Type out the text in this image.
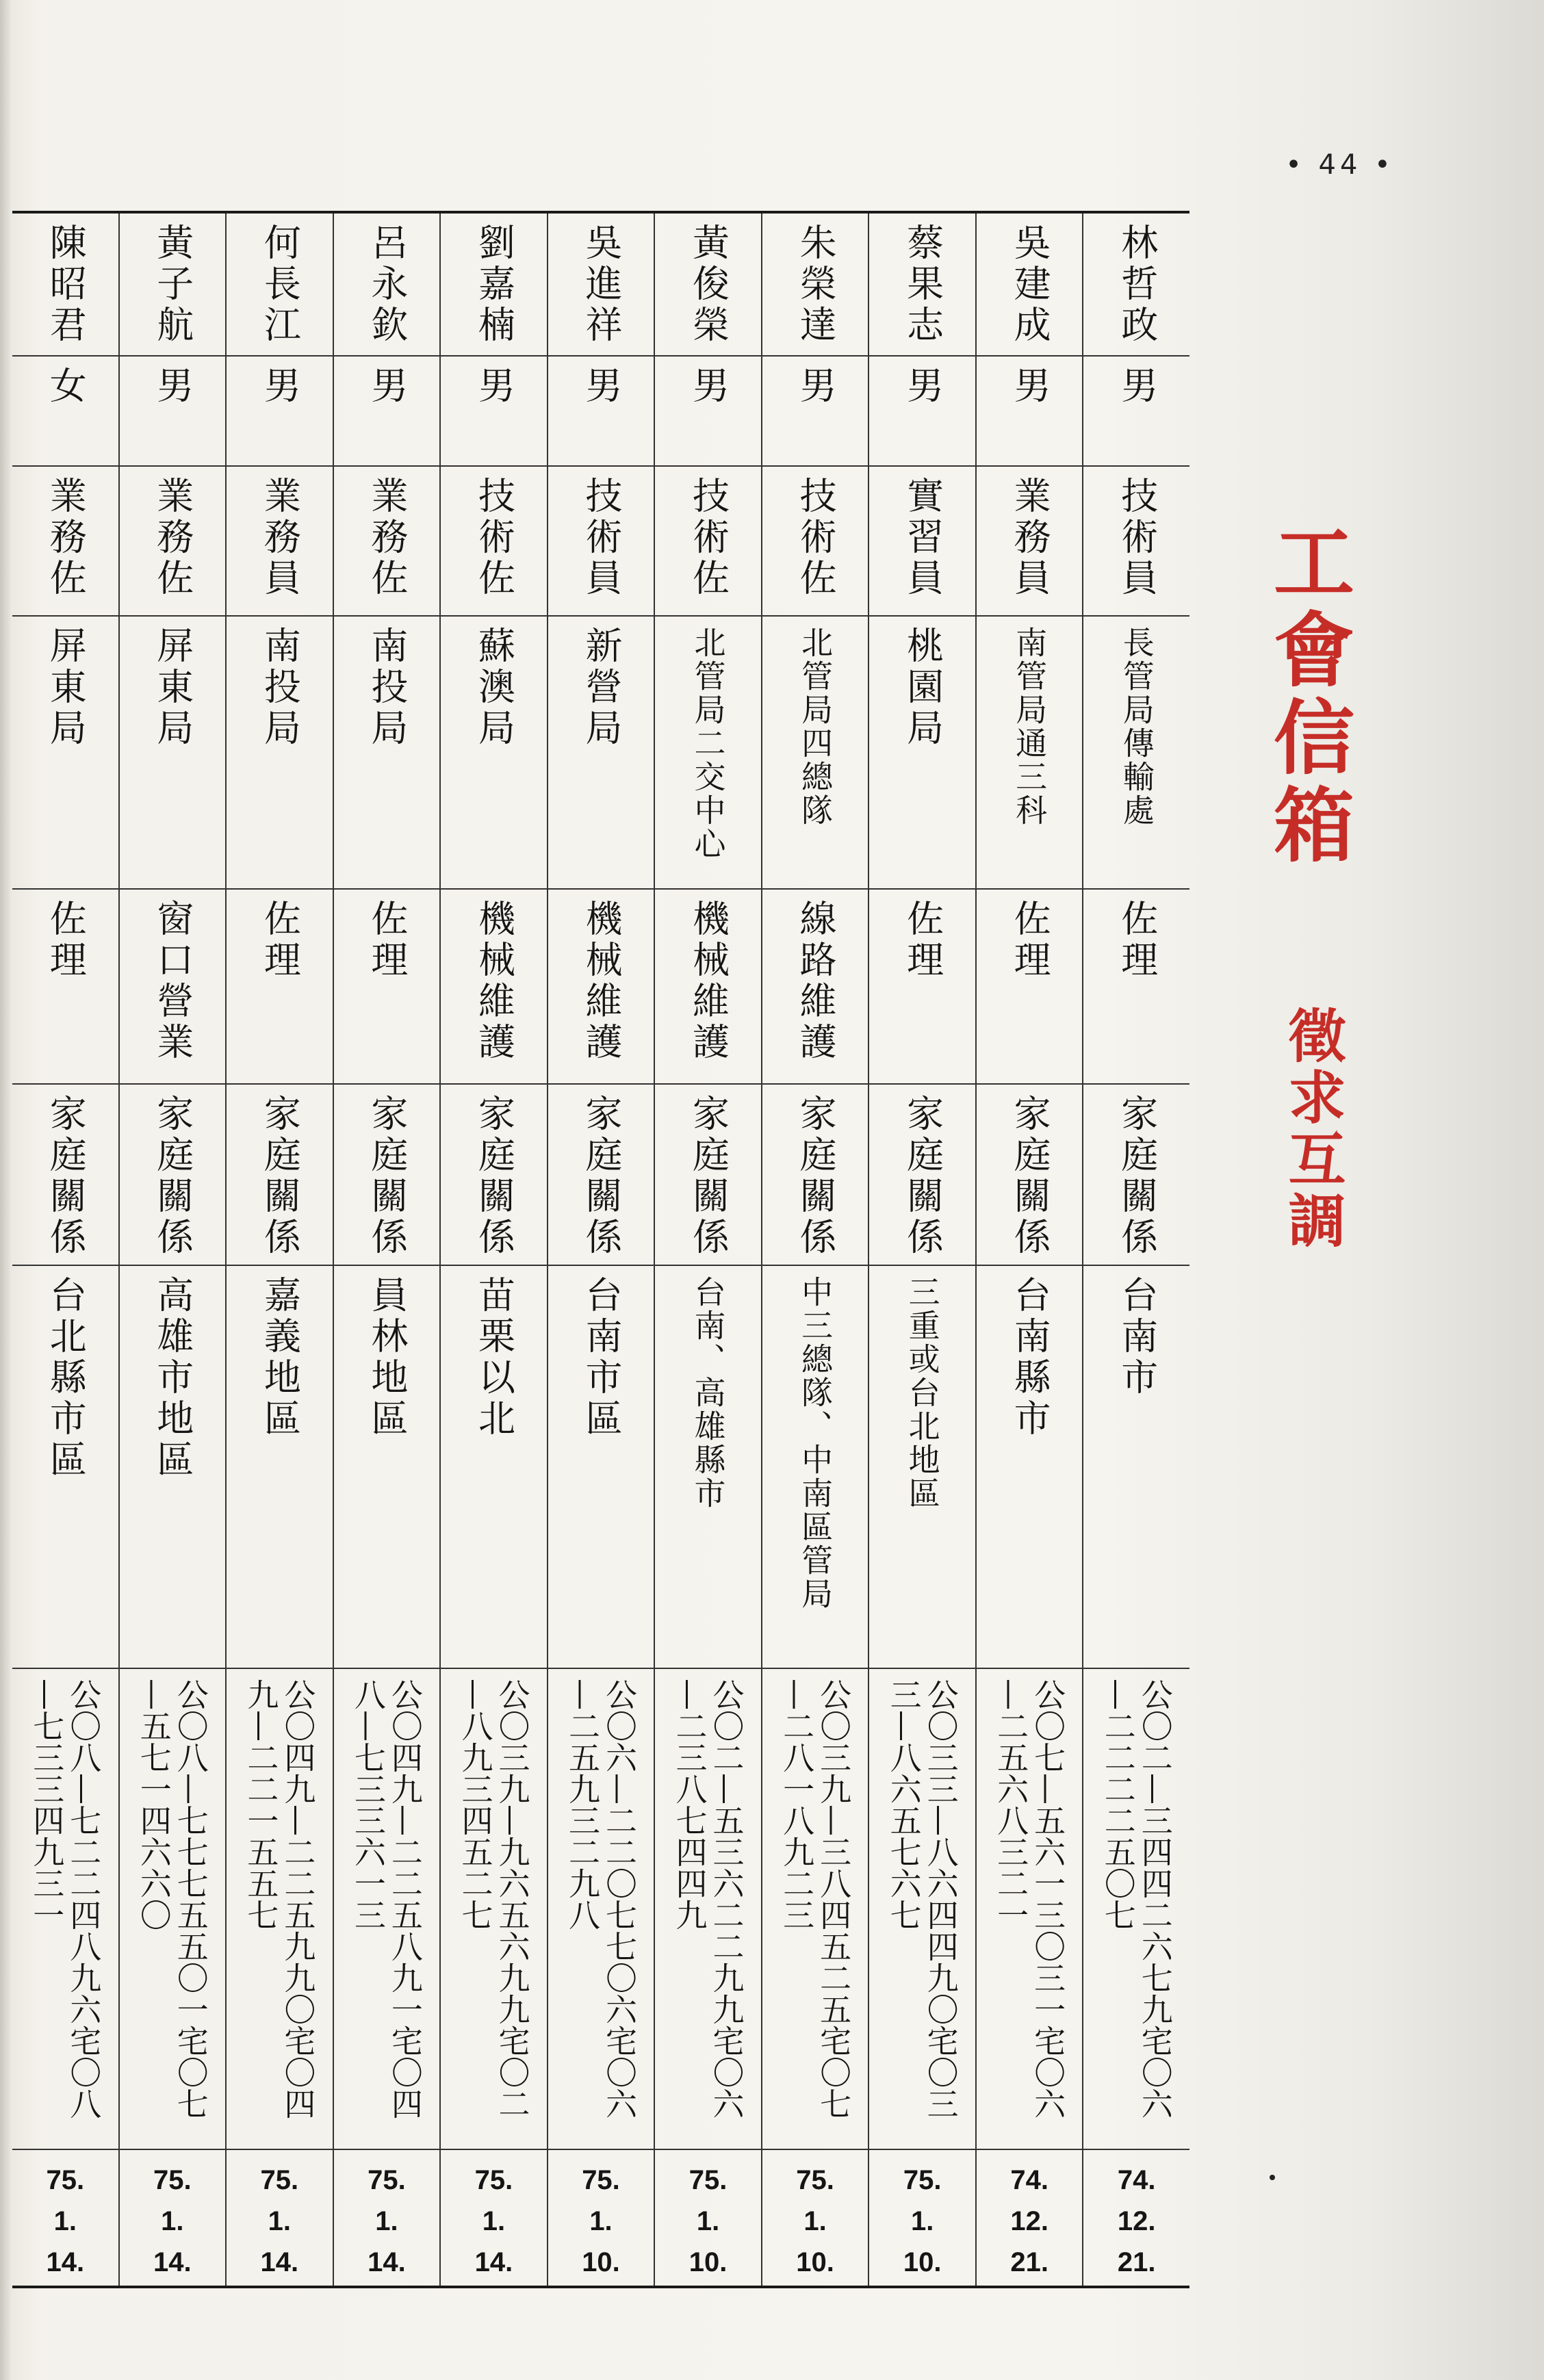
• 44 •
工會信箱
徵求互調
林哲政
男
技術員
長管局傳輸處
佐理
家庭關係
台南市
公〇二—三四四二六七九宅〇六—二二二二五〇七
74.
12.
21.
吳建成
男
業務員
南管局通三科
佐理
家庭關係
台南縣市
公〇七—五六一三〇三一宅〇六—二五六八三二一
74.
12.
21.
蔡果志
男
實習員
桃園局
佐理
家庭關係
三重或台北地區
公〇三三—八六四四九〇宅〇三三—八六五七六七
75.
1.
10.
朱榮達
男
技術佐
北管局四總隊
線路維護
家庭關係
中三總隊、中南區管局
公〇三九—三八四五二五宅〇七—二八一八九二三
75.
1.
10.
黃俊榮
男
技術佐
北管局二交中心
機械維護
家庭關係
台南、高雄縣市
公〇二—五三六二二九九宅〇六—二三八七四四九
75.
1.
10.
吳進祥
男
技術員
新營局
機械維護
家庭關係
台南市區
公〇六—二二〇七七〇六宅〇六—二五九三二九八
75.
1.
10.
劉嘉楠
男
技術佐
蘇澳局
機械維護
家庭關係
苗栗以北
公〇三九—九六五六九九宅〇二—八九三四五二七
75.
1.
14.
呂永欽
男
業務佐
南投局
佐理
家庭關係
員林地區
公〇四九—二二五八九一宅〇四八—七三三六一三
75.
1.
14.
何長江
男
業務員
南投局
佐理
家庭關係
嘉義地區
公〇四九—二二五九九〇宅〇四九—二二一五五七
75.
1.
14.
黃子航
男
業務佐
屏東局
窗口營業
家庭關係
高雄市地區
公〇八—七七七五五〇一宅〇七—五七一四六六〇
75.
1.
14.
陳昭君
女
業務佐
屏東局
佐理
家庭關係
台北縣市區
公〇八—七二二四八九六宅〇八—七三三四九三一
75.
1.
14.
